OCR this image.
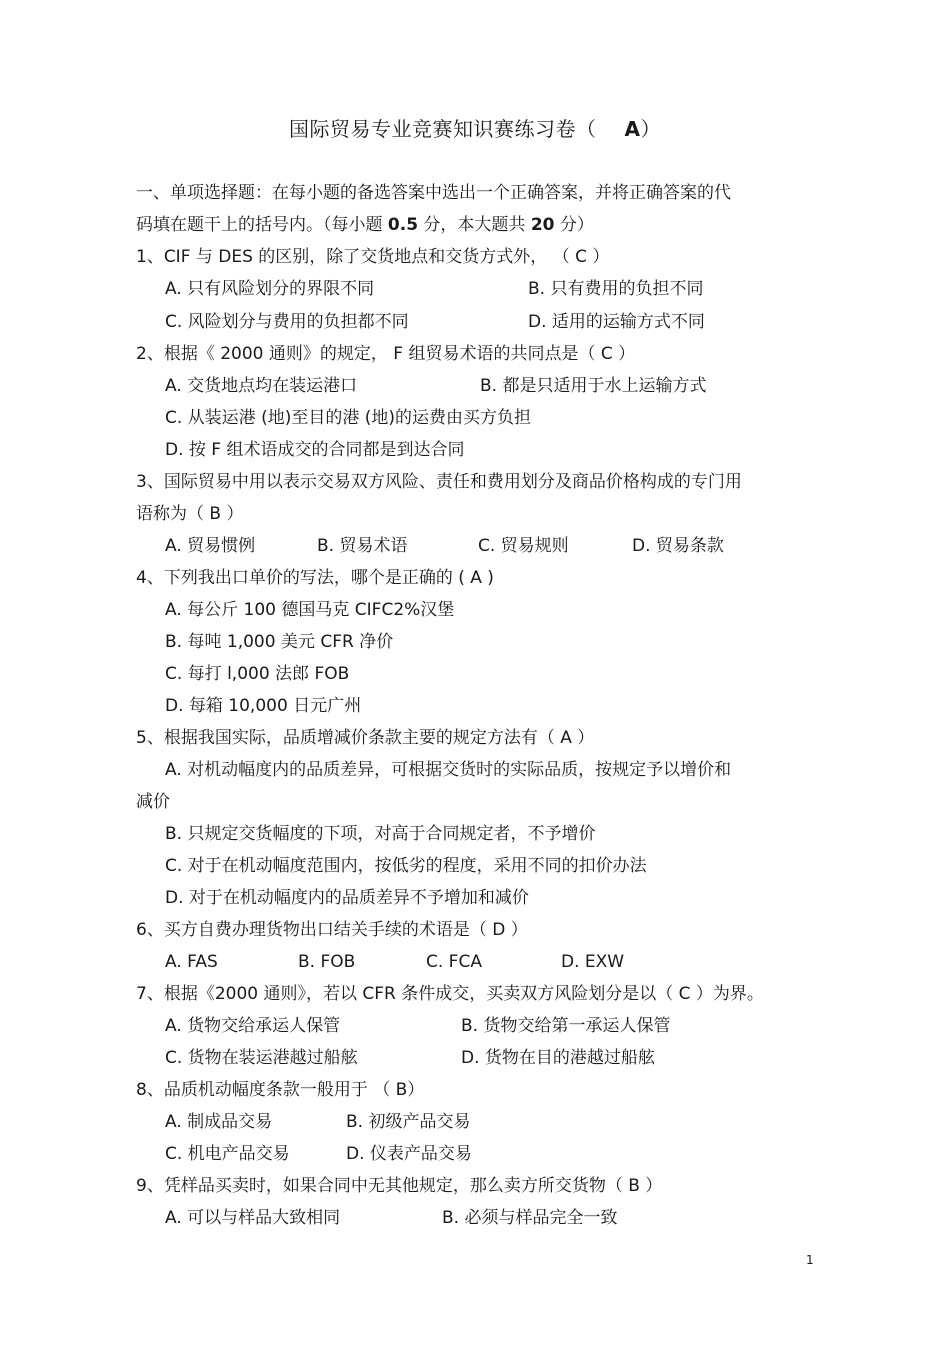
国际贸易专业竞赛知识赛练习卷（ A）
一、单项选择题：在每小题的备选答案中选出一个正确答案，并将正确答案的代
码填在题干上的括号内。（每小题 0.5 分，本大题共 20 分）
1、CIF 与 DES 的区别，除了交货地点和交货方式外， （ C ）
A. 只有风险划分的界限不同	B. 只有费用的负担不同
C. 风险划分与费用的负担都不同	D. 适用的运输方式不同
2、根据《 2000 通则》的规定， F 组贸易术语的共同点是（ C ）
A. 交货地点均在装运港口	B. 都是只适用于水上运输方式
C. 从装运港 (地)至目的港 (地)的运费由买方负担
D. 按 F 组术语成交的合同都是到达合同
3、国际贸易中用以表示交易双方风险、责任和费用划分及商品价格构成的专门用
语称为（ B ）
A. 贸易惯例	B. 贸易术语	C. 贸易规则	D. 贸易条款
4、下列我出口单价的写法，哪个是正确的 ( A )
A. 每公斤 100 德国马克 CIFC2%汉堡
B. 每吨 1,000 美元 CFR 净价
C. 每打 l,000 法郎 FOB
D. 每箱 10,000 日元广州
5、根据我国实际，品质增减价条款主要的规定方法有（ A ）
A. 对机动幅度内的品质差异，可根据交货时的实际品质，按规定予以增价和
减价
B. 只规定交货幅度的下项，对高于合同规定者，不予增价
C. 对于在机动幅度范围内，按低劣的程度，采用不同的扣价办法
D. 对于在机动幅度内的品质差异不予增加和减价
6、买方自费办理货物出口结关手续的术语是（ D ）
A. FAS	B. FOB	C. FCA	D. EXW
7、根据《2000 通则》，若以 CFR 条件成交，买卖双方风险划分是以（ C ）为界。
A. 货物交给承运人保管	B. 货物交给第一承运人保管
C. 货物在装运港越过船舷	D. 货物在目的港越过船舷
8、品质机动幅度条款一般用于 （ B）
A. 制成品交易	B. 初级产品交易
C. 机电产品交易	D. 仪表产品交易
9、凭样品买卖时，如果合同中无其他规定，那么卖方所交货物（ B ）
A. 可以与样品大致相同	B. 必须与样品完全一致
1
